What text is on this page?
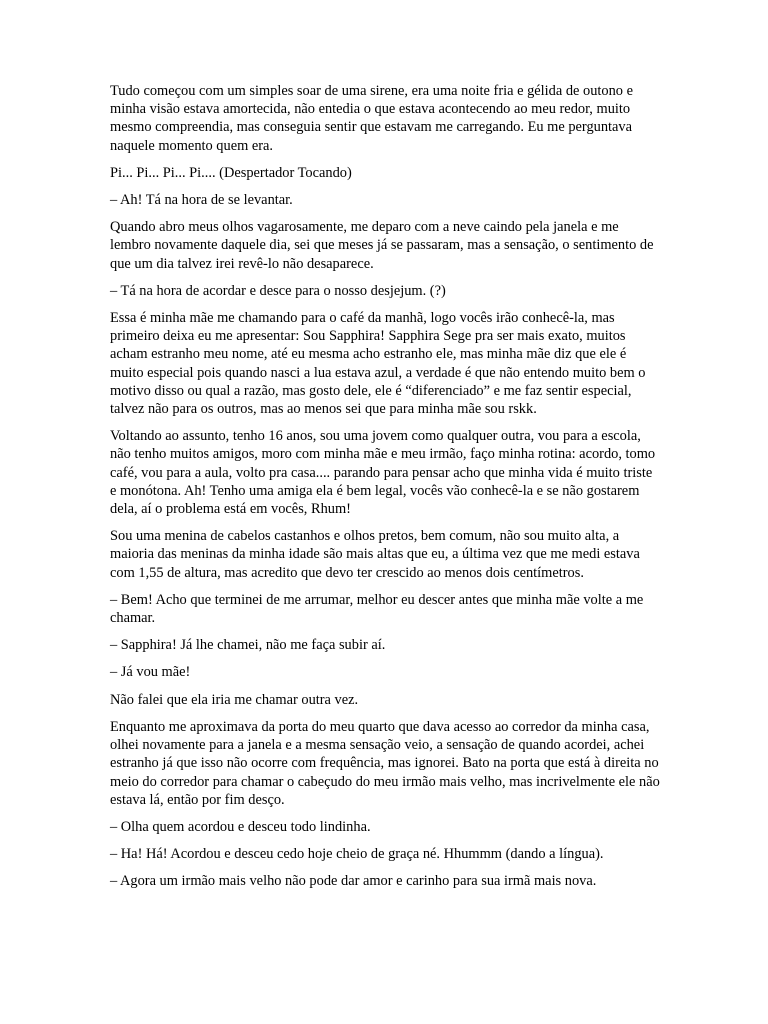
Tudo começou com um simples soar de uma sirene, era uma noite fria e gélida de outono e minha visão estava amortecida, não entedia o que estava acontecendo ao meu redor, muito mesmo compreendia, mas conseguia sentir que estavam me carregando. Eu me perguntava naquele momento quem era.

Pi... Pi... Pi... Pi.... (Despertador Tocando)

– Ah! Tá na hora de se levantar.

Quando abro meus olhos vagarosamente, me deparo com a neve caindo pela janela e me lembro novamente daquele dia, sei que meses já se passaram, mas a sensação, o sentimento de que um dia talvez irei revê-lo não desaparece.

– Tá na hora de acordar e desce para o nosso desjejum. (?)

Essa é minha mãe me chamando para o café da manhã, logo vocês irão conhecê-la, mas primeiro deixa eu me apresentar: Sou Sapphira! Sapphira Sege pra ser mais exato, muitos acham estranho meu nome, até eu mesma acho estranho ele, mas minha mãe diz que ele é muito especial pois quando nasci a lua estava azul, a verdade é que não entendo muito bem o motivo disso ou qual a razão, mas gosto dele, ele é “diferenciado” e me faz sentir especial, talvez não para os outros, mas ao menos sei que para minha mãe sou rskk.

Voltando ao assunto, tenho 16 anos, sou uma jovem como qualquer outra, vou para a escola, não tenho muitos amigos, moro com minha mãe e meu irmão, faço minha rotina: acordo, tomo café, vou para a aula, volto pra casa.... parando para pensar acho que minha vida é muito triste e monótona. Ah! Tenho uma amiga ela é bem legal, vocês vão conhecê-la e se não gostarem dela, aí o problema está em vocês, Rhum!

Sou uma menina de cabelos castanhos e olhos pretos, bem comum, não sou muito alta, a maioria das meninas da minha idade são mais altas que eu, a última vez que me medi estava com 1,55 de altura, mas acredito que devo ter crescido ao menos dois centímetros.

– Bem! Acho que terminei de me arrumar, melhor eu descer antes que minha mãe volte a me chamar.

– Sapphira! Já lhe chamei, não me faça subir aí.

– Já vou mãe!

Não falei que ela iria me chamar outra vez.

Enquanto me aproximava da porta do meu quarto que dava acesso ao corredor da minha casa, olhei novamente para a janela e a mesma sensação veio, a sensação de quando acordei, achei estranho já que isso não ocorre com frequência, mas ignorei. Bato na porta que está à direita no meio do corredor para chamar o cabeçudo do meu irmão mais velho, mas incrivelmente ele não estava lá, então por fim desço.

– Olha quem acordou e desceu todo lindinha.

– Ha! Há! Acordou e desceu cedo hoje cheio de graça né. Hhummm (dando a língua).

– Agora um irmão mais velho não pode dar amor e carinho para sua irmã mais nova.
